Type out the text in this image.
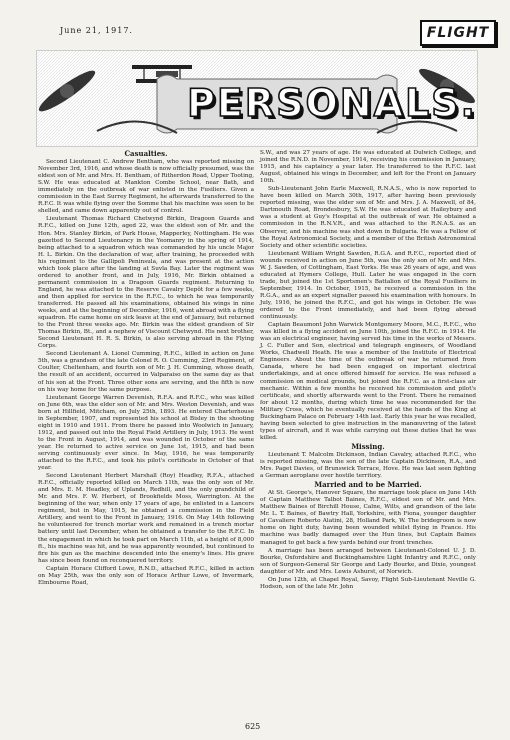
June 21, 1917.	FLIGHT
PERSONALS.
Casualties.

Second Lieutenant C. Andrew Bentham, who was reported missing on November 3rd, 1916, and whose death is now officially presumed, was the eldest son of Mr. and Mrs. H. Bentham, of Ritherdon Road, Upper Tooting, S.W. He was educated at Mankton Combe School, near Bath, and immediately on the outbreak of war enlisted in the Fusiliers. Given a commission in the East Surrey Regiment, he afterwards transferred to the R.F.C. It was while flying over the Somme that his machine was seen to be shelled, and came down apparently out of control.

Lieutenant Thomas Richard Chetwynd Birkin, Dragoon Guards and R.F.C., killed on June 12th, aged 22, was the eldest son of Mr. and the Hon. Mrs. Stanley Birkin, of Park House, Mapperley, Nottingham. He was gazetted to Second Lieutenancy in the Yeomanry in the spring of 1914, being attached to a squadron which was commanded by his uncle Major H. L. Birkin. On the declaration of war, after training, he proceeded with his regiment to the Gallipoli Peninsula, and was present at the action which took place after the landing at Suvla Bay. Later the regiment was ordered to another front, and in July, 1916, Mr. Birkin obtained a permanent commission in a Dragoon Guards regiment. Returning to England, he was attached to the Reserve Cavalry Depôt for a few weeks, and then applied for service in the R.F.C., to which he was temporarily transferred. He passed all his examinations, obtained his wings in nine weeks, and at the beginning of December, 1916, went abroad with a flying squadron. He came home on sick leave at the end of January, but returned to the Front three weeks ago. Mr. Birkin was the eldest grandson of Sir Thomas Birkin, Bt., and a nephew of Viscount Chetwynd. His next brother, Second Lieutenant H. R. S. Birkin, is also serving abroad in the Flying Corps.

Second Lieutenant A. Lionel Cumming, R.F.C., killed in action on June 5th, was a grandson of the late Colonel R. O. Cumming, 23rd Regiment, of Coulter, Cheltenham, and fourth son of Mr. J. H. Cumming, whose death, the result of an accident, occurred in Valparaiso on the same day as that of his son at the Front. Three other sons are serving, and the fifth is now on his way home for the same purpose.

Lieutenant George Warren Devenish, R.F.A. and R.F.C., who was killed on June 6th, was the elder son of Mr. and Mrs. Weston Devenish, and was born at Hillfield, Mitcham, on July 25th, 1893. He entered Charterhouse in September, 1907, and represented his school at Bisley in the shooting eight in 1910 and 1911. From there he passed into Woolwich in January, 1912, and passed out into the Royal Field Artillery in July, 1913. He went to the Front in August, 1914, and was wounded in October of the same year. He returned to active service on June 1st, 1915, and had been serving continuously ever since. In May, 1916, he was temporarily attached to the R.F.C., and took his pilot's certificate in October of that year.

Second Lieutenant Herbert Marshall (Roy) Headley, R.F.A., attached R.F.C., officially reported killed on March 11th, was the only son of Mr. and Mrs. E. M. Headley, of Uplands, Redhill, and the only grandchild of Mr. and Mrs. F. W. Herbert, of Brookfields Moss, Warrington. At the beginning of the war, when only 17 years of age, he enlisted in a Lancers regiment, but in May, 1915, he obtained a commission in the Field Artillery, and went to the Front in January, 1916. On May 14th following he volunteered for trench mortar work and remained in a trench mortar battery until last December, when he obtained a transfer to the R.F.C. In the engagement in which he took part on March 11th, at a height of 8,000 ft., his machine was hit, and he was apparently wounded, but continued to fire his gun as the machine descended into the enemy's lines. His grave has since been found on reconquered territory.

Captain Horace Clifford Lowe, R.N.D., attached R.F.C., killed in action on May 25th, was the only son of Horace Arthur Lowe, of Invermark, Elmbourne Road,

S.W., and was 27 years of age. He was educated at Dulwich College, and joined the R.N.D. in November, 1914, receiving his commission in January, 1915, and his captaincy a year later. He transferred to the R.F.C. last August, obtained his wings in December, and left for the Front on January 10th.

Sub-Lieutenant John Earle Maxwell, R.N.A.S., who is now reported to have been killed on March 30th, 1917, after having been previously reported missing, was the elder son of Mr. and Mrs. J. A. Maxwell, of 84, Dartmouth Road, Brondesbury, S.W. He was educated at Haileybury and was a student at Guy's Hospital at the outbreak of war. He obtained a commission in the R.N.V.R., and was attached to the R.N.A.S. as an Observer, and his machine was shot down in Bulgaria. He was a Fellow of the Royal Astronomical Society, and a member of the British Astronomical Society and other scientific societies.

Lieutenant William Wright Sawden, R.G.A. and R.F.C., reported died of wounds received in action on June 5th, was the only son of Mr. and Mrs. W. J. Sawden, of Cottingham, East Yorks. He was 26 years of age, and was educated at Hymers College, Hull. Later he was engaged in the corn trade, but joined the 1st Sportsmen's Battalion of the Royal Fusiliers in September, 1914. In October, 1915, he received a commission in the R.G.A., and as an expert signaller passed his examination with honours. In July, 1916, he joined the R.F.C., and got his wings in October. He was ordered to the Front immediately, and had been flying abroad continuously.

Captain Beaumont John Warwick Montgomery Moore, M.C., R.F.C., who was killed in a flying accident on June 10th, joined the R.F.C. in 1914. He was an electrical engineer, having served his time in the works of Messrs. J. C. Fuller and Son, electrical and telegraph engineers, of Woodland Works, Chadwell Heath. He was a member of the Institute of Electrical Engineers. About the time of the outbreak of war he returned from Canada, where he had been engaged on important electrical undertakings, and at once offered himself for service. He was refused a commission on medical grounds, but joined the R.F.C. as a first-class air mechanic. Within a few months he received his commission and pilot's certificate, and shortly afterwards went to the Front. There he remained for about 12 months, during which time he was recommended for the Military Cross, which he eventually received at the hands of the King at Buckingham Palace on February 14th last. Early this year he was recalled, having been selected to give instruction in the manœuvring of the latest types of aircraft, and it was while carrying out these duties that he was killed.

Missing.

Lieutenant T. Malcolm Dickinson, Indian Cavalry, attached R.F.C., who is reported missing, was the son of the late Captain Dickinson, R.A., and Mrs. Paget Davies, of Brunswick Terrace, Hove. He was last seen fighting a German aeroplane over hostile territory.

Married and to be Married.

At St. George's, Hanover Square, the marriage took place on June 14th of Captain Matthew Talbot Baines, R.F.C., eldest son of Mr. and Mrs. Matthew Baines of Birchill House, Calne, Wilts, and grandson of the late Mr. L. T. Baines, of Bawtry Hall, Yorkshire, with Fiona, younger daughter of Cavaliere Roberto Alatini, 28, Holland Park, W. The bridegroom is now home on light duty, having been wounded whilst flying in France. His machine was badly damaged over the Hun lines, but Captain Baines managed to get back a few yards behind our front trenches.

A marriage has been arranged between Lieutenant-Colonel U. J. D. Bourke, Oxfordshire and Buckinghamshire Light Infantry and R.F.C., only son of Surgeon-General Sir George and Lady Bourke, and Dixie, youngest daughter of Mr. and Mrs. Lewis Ashurst, of Norwich.

On June 12th, at Chapel Royal, Savoy, Flight Sub-Lieutenant Neville G. Hodson, son of the late Mr. John

625
